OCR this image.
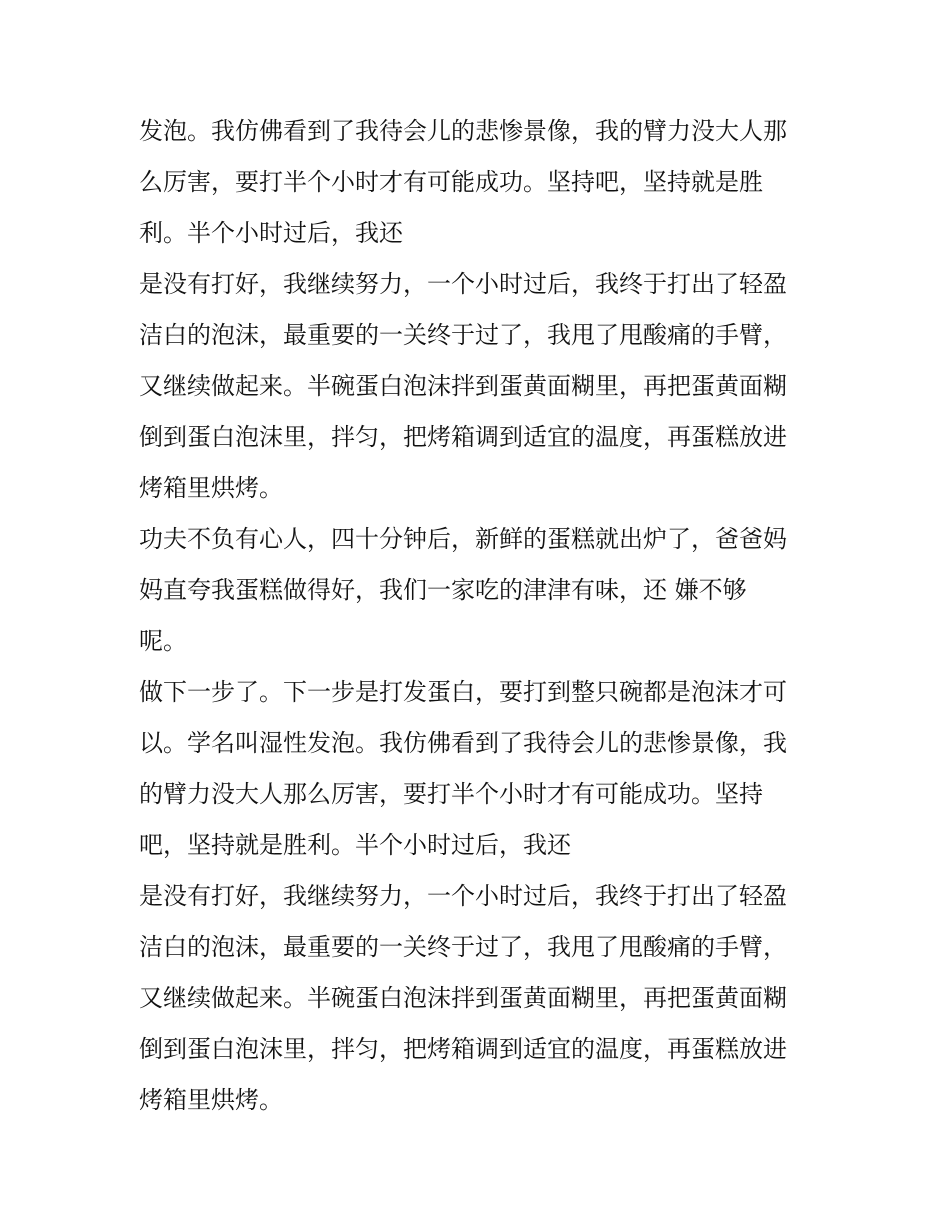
发泡。我仿佛看到了我待会儿的悲惨景像，我的臂力没大人那
么厉害，要打半个小时才有可能成功。坚持吧，坚持就是胜
利。半个小时过后，我还
是没有打好，我继续努力，一个小时过后，我终于打出了轻盈
洁白的泡沫，最重要的一关终于过了，我甩了甩酸痛的手臂，
又继续做起来。半碗蛋白泡沫拌到蛋黄面糊里，再把蛋黄面糊
倒到蛋白泡沫里，拌匀，把烤箱调到适宜的温度，再蛋糕放进
烤箱里烘烤。
功夫不负有心人，四十分钟后，新鲜的蛋糕就出炉了，爸爸妈
妈直夸我蛋糕做得好，我们一家吃的津津有味，还 嫌不够
呢。
做下一步了。下一步是打发蛋白，要打到整只碗都是泡沫才可
以。学名叫湿性发泡。我仿佛看到了我待会儿的悲惨景像，我
的臂力没大人那么厉害，要打半个小时才有可能成功。坚持
吧，坚持就是胜利。半个小时过后，我还
是没有打好，我继续努力，一个小时过后，我终于打出了轻盈
洁白的泡沫，最重要的一关终于过了，我甩了甩酸痛的手臂，
又继续做起来。半碗蛋白泡沫拌到蛋黄面糊里，再把蛋黄面糊
倒到蛋白泡沫里，拌匀，把烤箱调到适宜的温度，再蛋糕放进
烤箱里烘烤。
